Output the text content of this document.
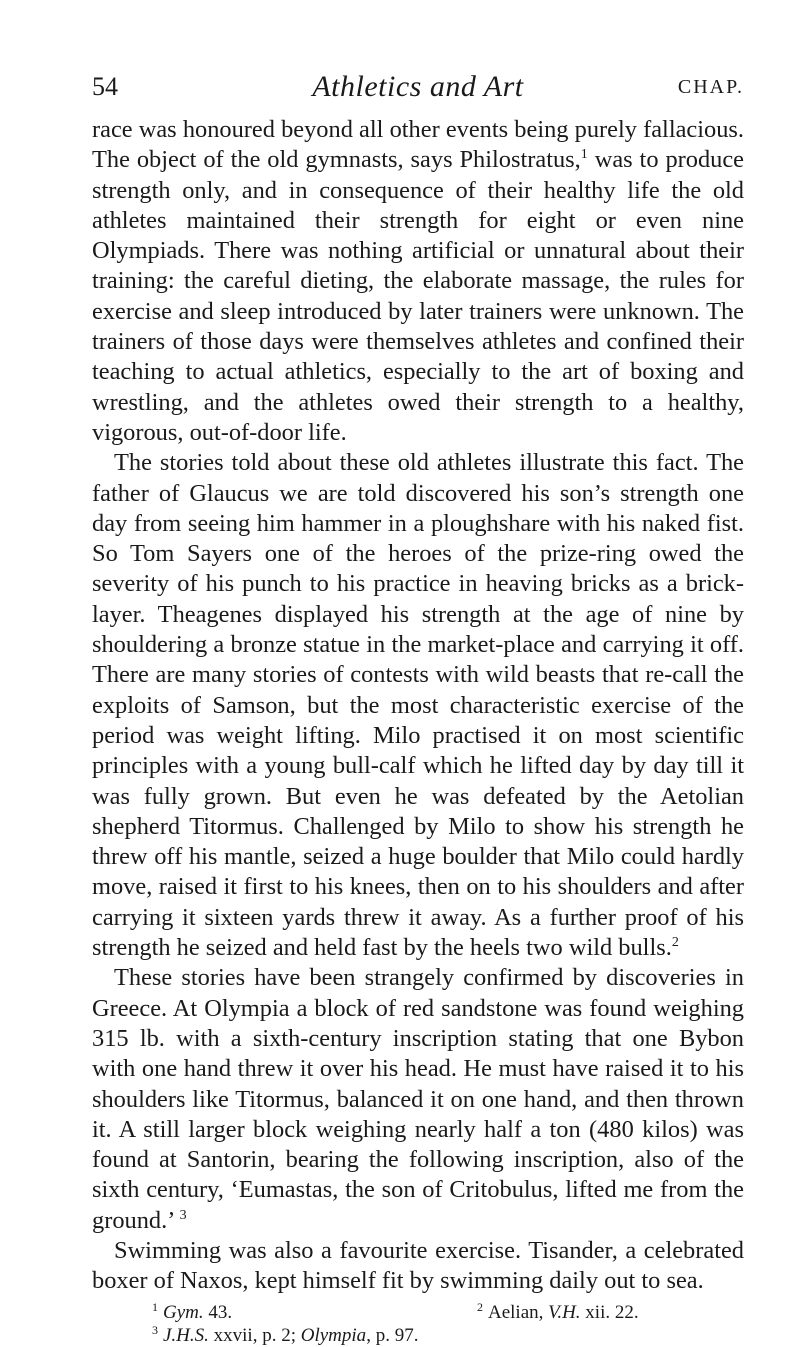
54	Athletics and Art	CHAP.

race was honoured beyond all other events being purely fallacious. The object of the old gymnasts, says Philostratus,$^1$ was to produce strength only, and in consequence of their healthy life the old athletes maintained their strength for eight or even nine Olympiads. There was nothing artificial or unnatural about their training: the careful dieting, the elaborate massage, the rules for exercise and sleep introduced by later trainers were unknown. The trainers of those days were themselves athletes and confined their teaching to actual athletics, especially to the art of boxing and wrestling, and the athletes owed their strength to a healthy, vigorous, out-of-door life.

The stories told about these old athletes illustrate this fact. The father of Glaucus we are told discovered his son’s strength one day from seeing him hammer in a ploughshare with his naked fist. So Tom Sayers one of the heroes of the prize-ring owed the severity of his punch to his practice in heaving bricks as a brick-layer. Theagenes displayed his strength at the age of nine by shouldering a bronze statue in the market-place and carrying it off. There are many stories of contests with wild beasts that re-call the exploits of Samson, but the most characteristic exercise of the period was weight lifting. Milo practised it on most scientific principles with a young bull-calf which he lifted day by day till it was fully grown. But even he was defeated by the Aetolian shepherd Titormus. Challenged by Milo to show his strength he threw off his mantle, seized a huge boulder that Milo could hardly move, raised it first to his knees, then on to his shoulders and after carrying it sixteen yards threw it away. As a further proof of his strength he seized and held fast by the heels two wild bulls.$^2$

These stories have been strangely confirmed by discoveries in Greece. At Olympia a block of red sandstone was found weighing 315 lb. with a sixth-century inscription stating that one Bybon with one hand threw it over his head. He must have raised it to his shoulders like Titormus, balanced it on one hand, and then thrown it. A still larger block weighing nearly half a ton (480 kilos) was found at Santorin, bearing the following inscription, also of the sixth century, ‘Eumastas, the son of Critobulus, lifted me from the ground.’ $^3$

Swimming was also a favourite exercise. Tisander, a celebrated boxer of Naxos, kept himself fit by swimming daily out to sea.

$^1$ Gym. 43.	$^2$ Aelian, V.H. xii. 22.
$^3$ J.H.S. xxvii, p. 2; Olympia, p. 97.
